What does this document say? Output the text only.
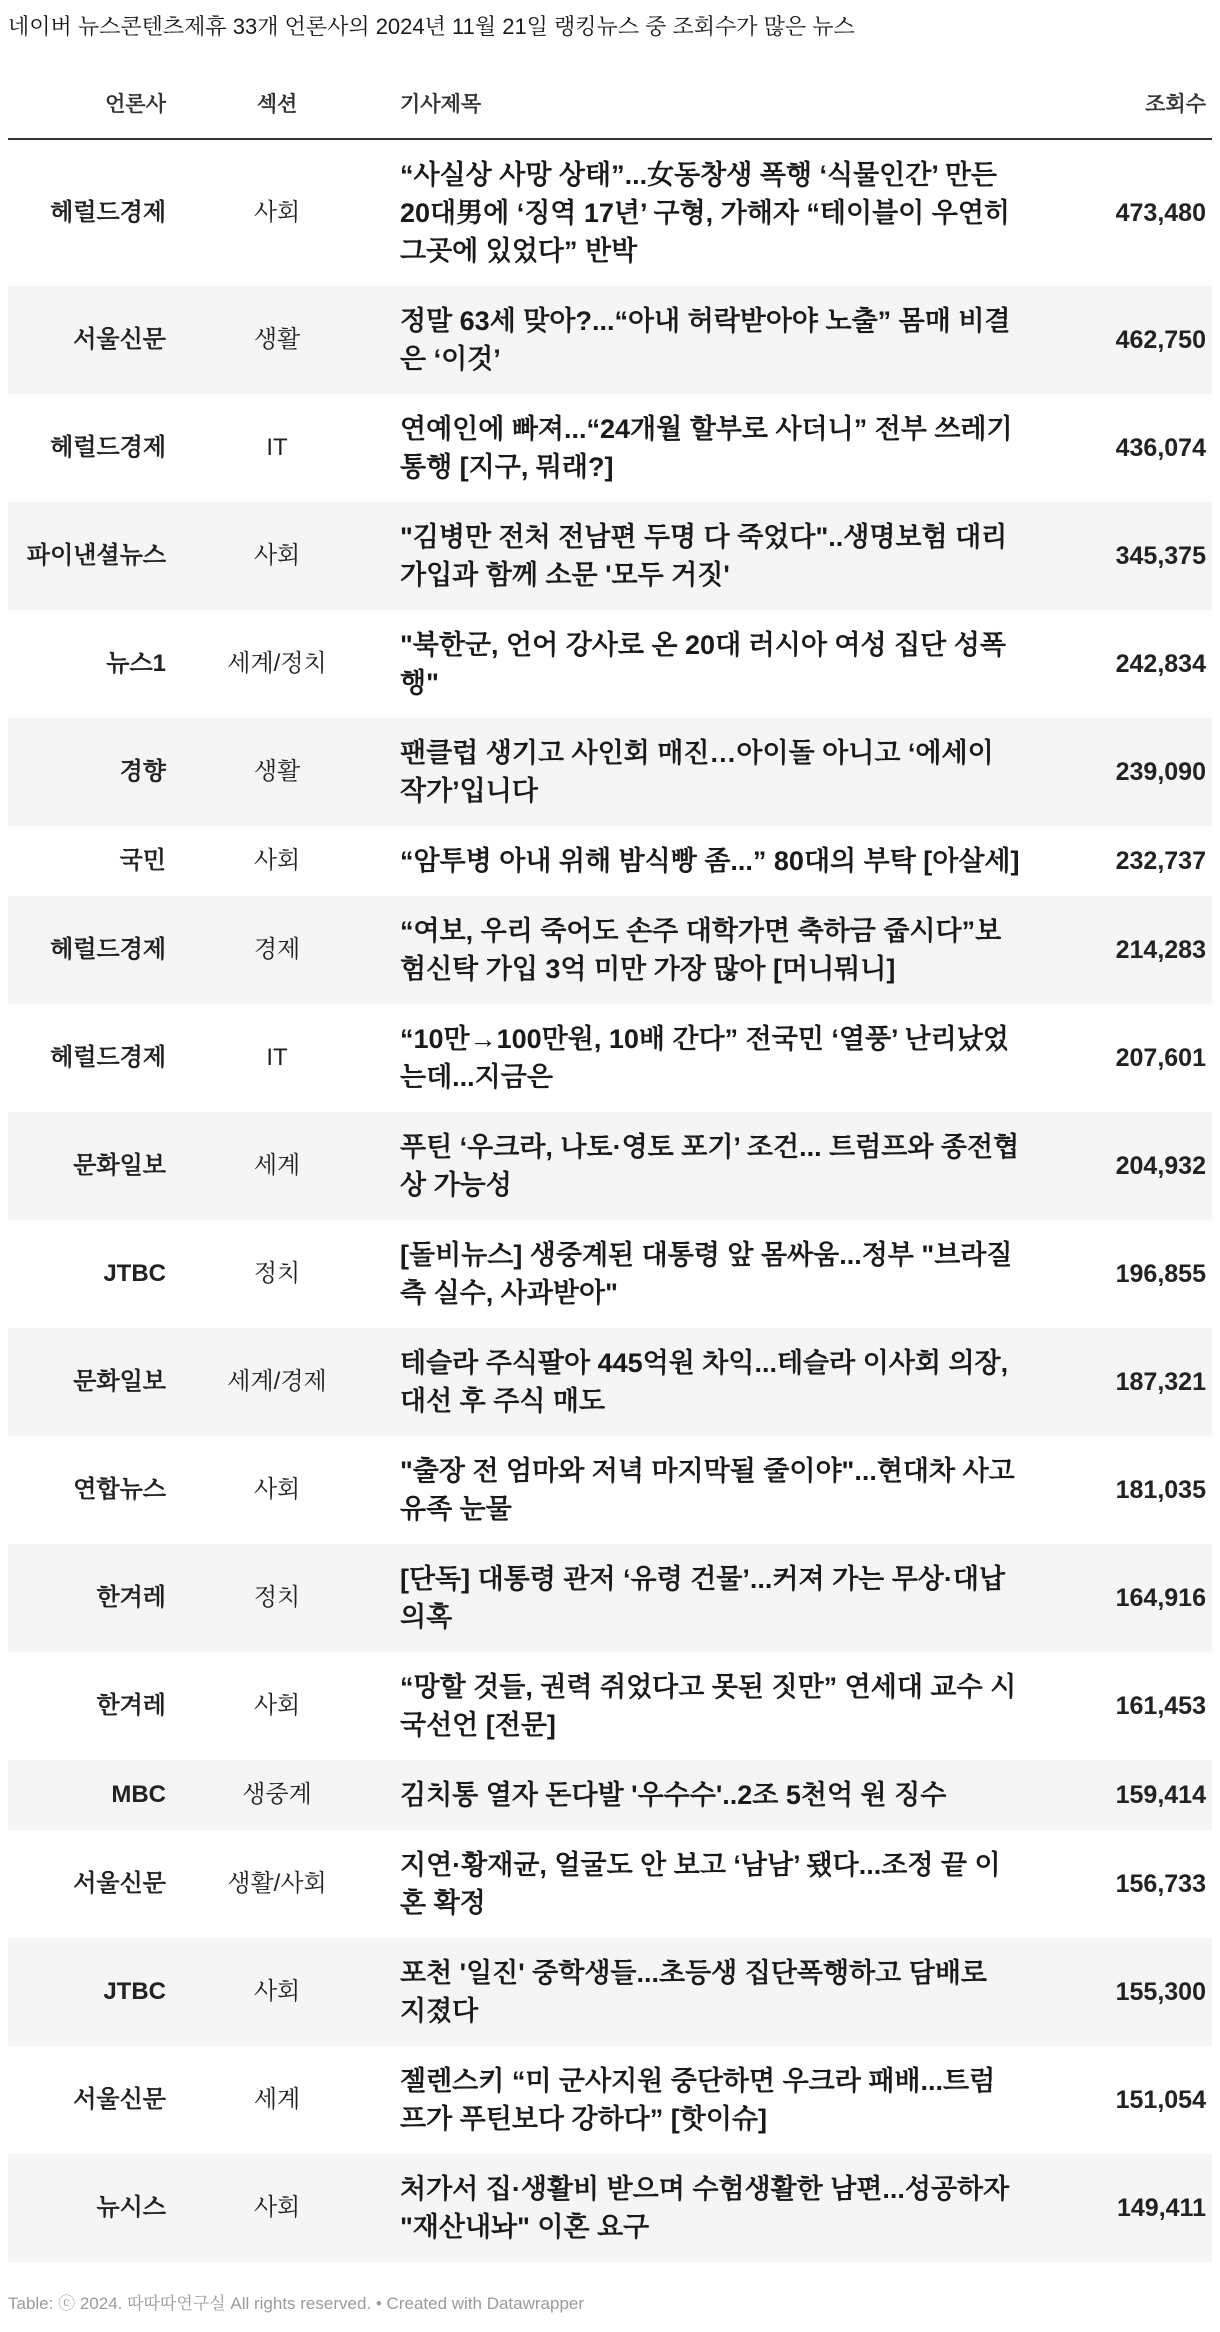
네이버 뉴스콘텐츠제휴 33개 언론사의 2024년 11월 21일 랭킹뉴스 중 조회수가 많은 뉴스
언론사	섹션	기사제목	조회수
헤럴드경제	사회	“사실상 사망 상태”...女동창생 폭행 ‘식물인간’ 만든 20대男에 ‘징역 17년’ 구형, 가해자 “테이블이 우연히 그곳에 있었다” 반박	473,480
서울신문	생활	정말 63세 맞아?...“아내 허락받아야 노출” 몸매 비결은 ‘이것’	462,750
헤럴드경제	IT	연예인에 빠져...“24개월 할부로 사더니” 전부 쓰레기통행 [지구, 뭐래?]	436,074
파이낸셜뉴스	사회	"김병만 전처 전남편 두명 다 죽었다"..생명보험 대리가입과 함께 소문 '모두 거짓'	345,375
뉴스1	세계/정치	"북한군, 언어 강사로 온 20대 러시아 여성 집단 성폭행"	242,834
경향	생활	팬클럽 생기고 사인회 매진…아이돌 아니고 ‘에세이 작가’입니다	239,090
국민	사회	“암투병 아내 위해 밤식빵 좀...” 80대의 부탁 [아살세]	232,737
헤럴드경제	경제	“여보, 우리 죽어도 손주 대학가면 축하금 줍시다”보험신탁 가입 3억 미만 가장 많아 [머니뭐니]	214,283
헤럴드경제	IT	“10만→100만원, 10배 간다” 전국민 ‘열풍’ 난리났었는데...지금은	207,601
문화일보	세계	푸틴 ‘우크라, 나토·영토 포기’ 조건... 트럼프와 종전협상 가능성	204,932
JTBC	정치	[돌비뉴스] 생중계된 대통령 앞 몸싸움...정부 "브라질 측 실수, 사과받아"	196,855
문화일보	세계/경제	테슬라 주식팔아 445억원 차익...테슬라 이사회 의장, 대선 후 주식 매도	187,321
연합뉴스	사회	"출장 전 엄마와 저녁 마지막될 줄이야"...현대차 사고 유족 눈물	181,035
한겨레	정치	[단독] 대통령 관저 ‘유령 건물’...커져 가는 무상·대납 의혹	164,916
한겨레	사회	“망할 것들, 권력 쥐었다고 못된 짓만” 연세대 교수 시국선언 [전문]	161,453
MBC	생중계	김치통 열자 돈다발 '우수수'..2조 5천억 원 징수	159,414
서울신문	생활/사회	지연·황재균, 얼굴도 안 보고 ‘남남’ 됐다...조정 끝 이혼 확정	156,733
JTBC	사회	포천 '일진' 중학생들...초등생 집단폭행하고 담배로 지졌다	155,300
서울신문	세계	젤렌스키 “미 군사지원 중단하면 우크라 패배...트럼프가 푸틴보다 강하다” [핫이슈]	151,054
뉴시스	사회	처가서 집·생활비 받으며 수험생활한 남편...성공하자 "재산내놔" 이혼 요구	149,411
Table: ⓒ 2024. 따따따연구실 All rights reserved. • Created with Datawrapper
